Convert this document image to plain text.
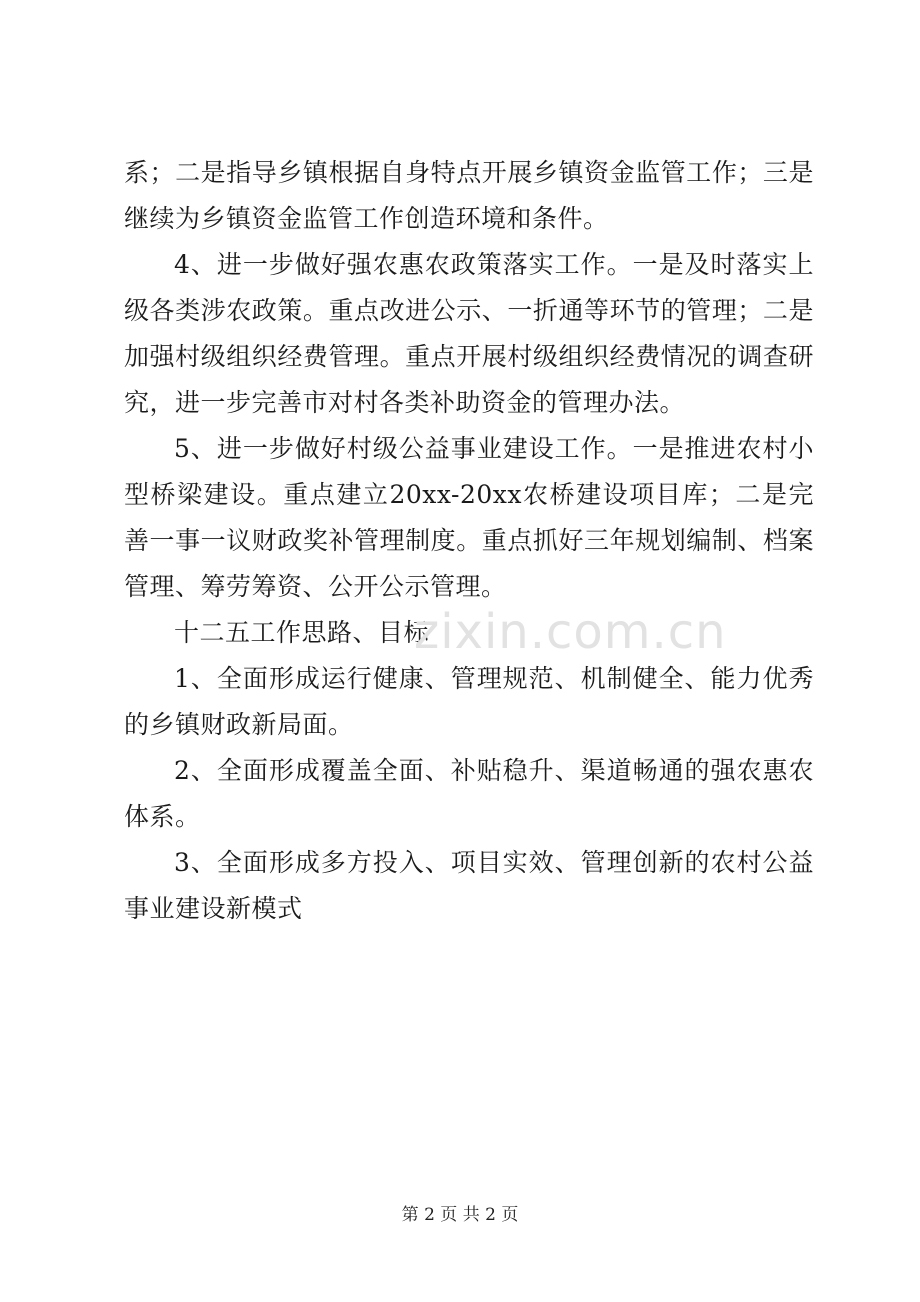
系；二是指导乡镇根据自身特点开展乡镇资金监管工作；三是继续为乡镇资金监管工作创造环境和条件。

4、进一步做好强农惠农政策落实工作。一是及时落实上级各类涉农政策。重点改进公示、一折通等环节的管理；二是加强村级组织经费管理。重点开展村级组织经费情况的调查研究，进一步完善市对村各类补助资金的管理办法。

5、进一步做好村级公益事业建设工作。一是推进农村小型桥梁建设。重点建立20xx-20xx农桥建设项目库；二是完善一事一议财政奖补管理制度。重点抓好三年规划编制、档案管理、筹劳筹资、公开公示管理。

十二五工作思路、目标

1、全面形成运行健康、管理规范、机制健全、能力优秀的乡镇财政新局面。

2、全面形成覆盖全面、补贴稳升、渠道畅通的强农惠农体系。

3、全面形成多方投入、项目实效、管理创新的农村公益事业建设新模式

zixin.com.cn
第 2 页 共 2 页
